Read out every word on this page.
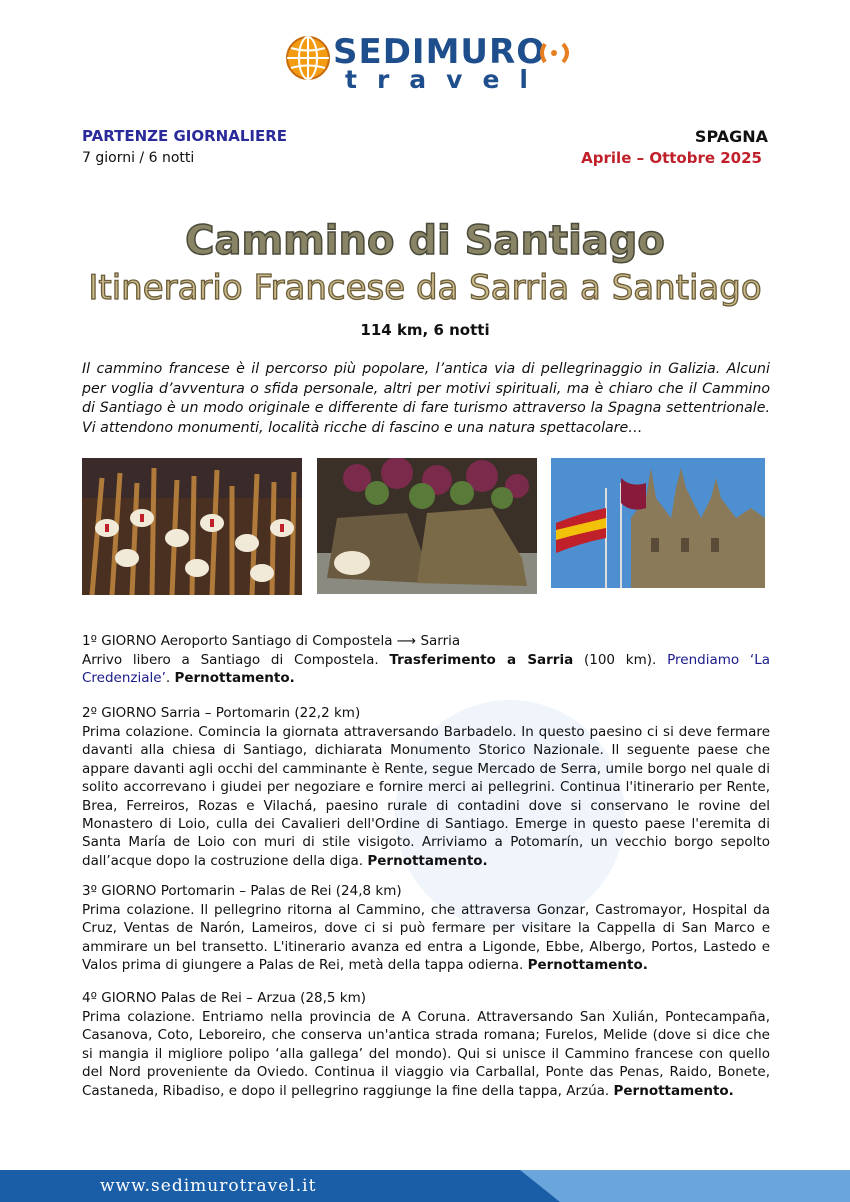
SEDIMURO
travel
PARTENZE GIORNALIERE
7 giorni / 6 notti
SPAGNA
Aprile – Ottobre 2025
Cammino di Santiago
Itinerario Francese da Sarria a Santiago
114 km, 6 notti
Il cammino francese è il percorso più popolare, l’antica via di pellegrinaggio in Galizia. Alcuni per voglia d’avventura o sfida personale, altri per motivi spirituali, ma è chiaro che il Cammino di Santiago è un modo originale e differente di fare turismo attraverso la Spagna settentrionale. Vi attendono monumenti, località ricche di fascino e una natura spettacolare…
1º GIORNO Aeroporto Santiago di Compostela ⟶ Sarria
Arrivo libero a Santiago di Compostela. Trasferimento a Sarria (100 km). Prendiamo ‘La Credenziale’. Pernottamento.
2º GIORNO Sarria – Portomarin (22,2 km)
Prima colazione. Comincia la giornata attraversando Barbadelo. In questo paesino ci si deve fermare davanti alla chiesa di Santiago, dichiarata Monumento Storico Nazionale. Il seguente paese che appare davanti agli occhi del camminante è Rente, segue Mercado de Serra, umile borgo nel quale di solito accorrevano i giudei per negoziare e fornire merci ai pellegrini. Continua l'itinerario per Rente, Brea, Ferreiros, Rozas e Vilachá, paesino rurale di contadini dove si conservano le rovine del Monastero di Loio, culla dei Cavalieri dell'Ordine di Santiago. Emerge in questo paese l'eremita di Santa María de Loio con muri di stile visigoto. Arriviamo a Potomarín, un vecchio borgo sepolto dall’acque dopo la costruzione della diga. Pernottamento.
3º GIORNO Portomarin – Palas de Rei (24,8 km)
Prima colazione. Il pellegrino ritorna al Cammino, che attraversa Gonzar, Castromayor, Hospital da Cruz, Ventas de Narón, Lameiros, dove ci si può fermare per visitare la Cappella di San Marco e ammirare un bel transetto. L'itinerario avanza ed entra a Ligonde, Ebbe, Albergo, Portos, Lastedo e Valos prima di giungere a Palas de Rei, metà della tappa odierna. Pernottamento.
4º GIORNO Palas de Rei – Arzua (28,5 km)
Prima colazione. Entriamo nella provincia de A Coruna. Attraversando San Xulián, Pontecampaña, Casanova, Coto, Leboreiro, che conserva un'antica strada romana; Furelos, Melide (dove si dice che si mangia il migliore polipo ‘alla gallega’ del mondo). Qui si unisce il Cammino francese con quello del Nord proveniente da Oviedo. Continua il viaggio via Carballal, Ponte das Penas, Raido, Bonete, Castaneda, Ribadiso, e dopo il pellegrino raggiunge la fine della tappa, Arzúa. Pernottamento.
www.sedimurotravel.it
